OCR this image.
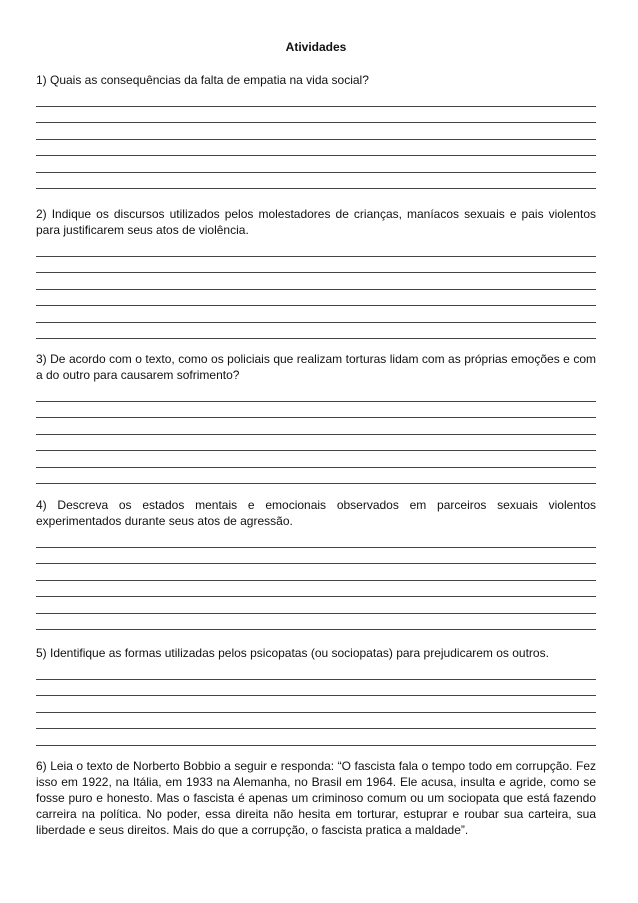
Atividades

1) Quais as consequências da falta de empatia na vida social?

2) Indique os discursos utilizados pelos molestadores de crianças, maníacos sexuais e pais violentos para justificarem seus atos de violência.

3) De acordo com o texto, como os policiais que realizam torturas lidam com as próprias emoções e com a do outro para causarem sofrimento?

4) Descreva os estados mentais e emocionais observados em parceiros sexuais violentos experimentados durante seus atos de agressão.

5) Identifique as formas utilizadas pelos psicopatas (ou sociopatas) para prejudicarem os outros.

6) Leia o texto de Norberto Bobbio a seguir e responda: “O fascista fala o tempo todo em corrupção. Fez isso em 1922, na Itália, em 1933 na Alemanha, no Brasil em 1964. Ele acusa, insulta e agride, como se fosse puro e honesto. Mas o fascista é apenas um criminoso comum ou um sociopata que está fazendo carreira na política. No poder, essa direita não hesita em torturar, estuprar e roubar sua carteira, sua liberdade e seus direitos. Mais do que a corrupção, o fascista pratica a maldade”.
